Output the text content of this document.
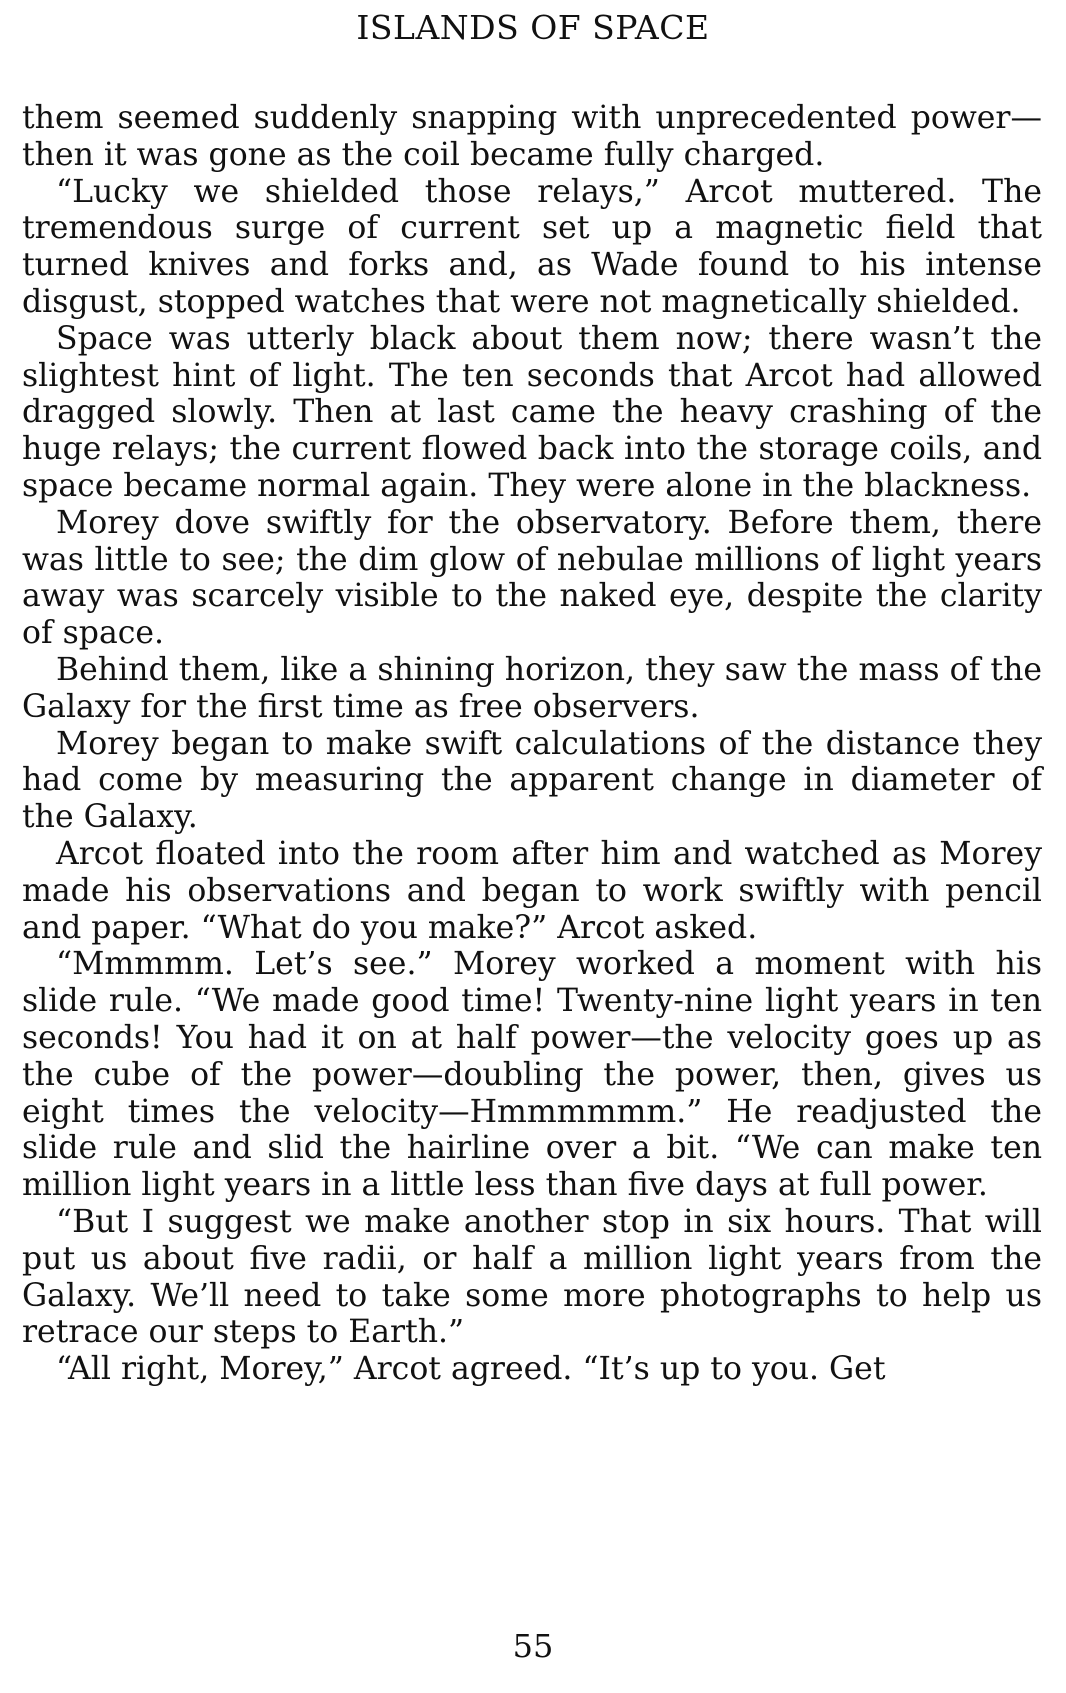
ISLANDS OF SPACE

them seemed suddenly snapping with unprecedented power—then it was gone as the coil became fully charged.

“Lucky we shielded those relays,” Arcot muttered. The tremendous surge of current set up a magnetic field that turned knives and forks and, as Wade found to his intense disgust, stopped watches that were not magnetically shielded.

Space was utterly black about them now; there wasn’t the slightest hint of light. The ten seconds that Arcot had allowed dragged slowly. Then at last came the heavy crashing of the huge relays; the current flowed back into the storage coils, and space became normal again. They were alone in the blackness.

Morey dove swiftly for the observatory. Before them, there was little to see; the dim glow of nebulae millions of light years away was scarcely visible to the naked eye, despite the clarity of space.

Behind them, like a shining horizon, they saw the mass of the Galaxy for the first time as free observers.

Morey began to make swift calculations of the distance they had come by measuring the apparent change in diameter of the Galaxy.

Arcot floated into the room after him and watched as Morey made his observations and began to work swiftly with pencil and paper. “What do you make?” Arcot asked.

“Mmmmm. Let’s see.” Morey worked a moment with his slide rule. “We made good time! Twenty-nine light years in ten seconds! You had it on at half power—the velocity goes up as the cube of the power—doubling the power, then, gives us eight times the velocity—Hmmmmmm.” He readjusted the slide rule and slid the hairline over a bit. “We can make ten million light years in a little less than five days at full power.

“But I suggest we make another stop in six hours. That will put us about five radii, or half a million light years from the Galaxy. We’ll need to take some more photographs to help us retrace our steps to Earth.”

“All right, Morey,” Arcot agreed. “It’s up to you. Get

55
